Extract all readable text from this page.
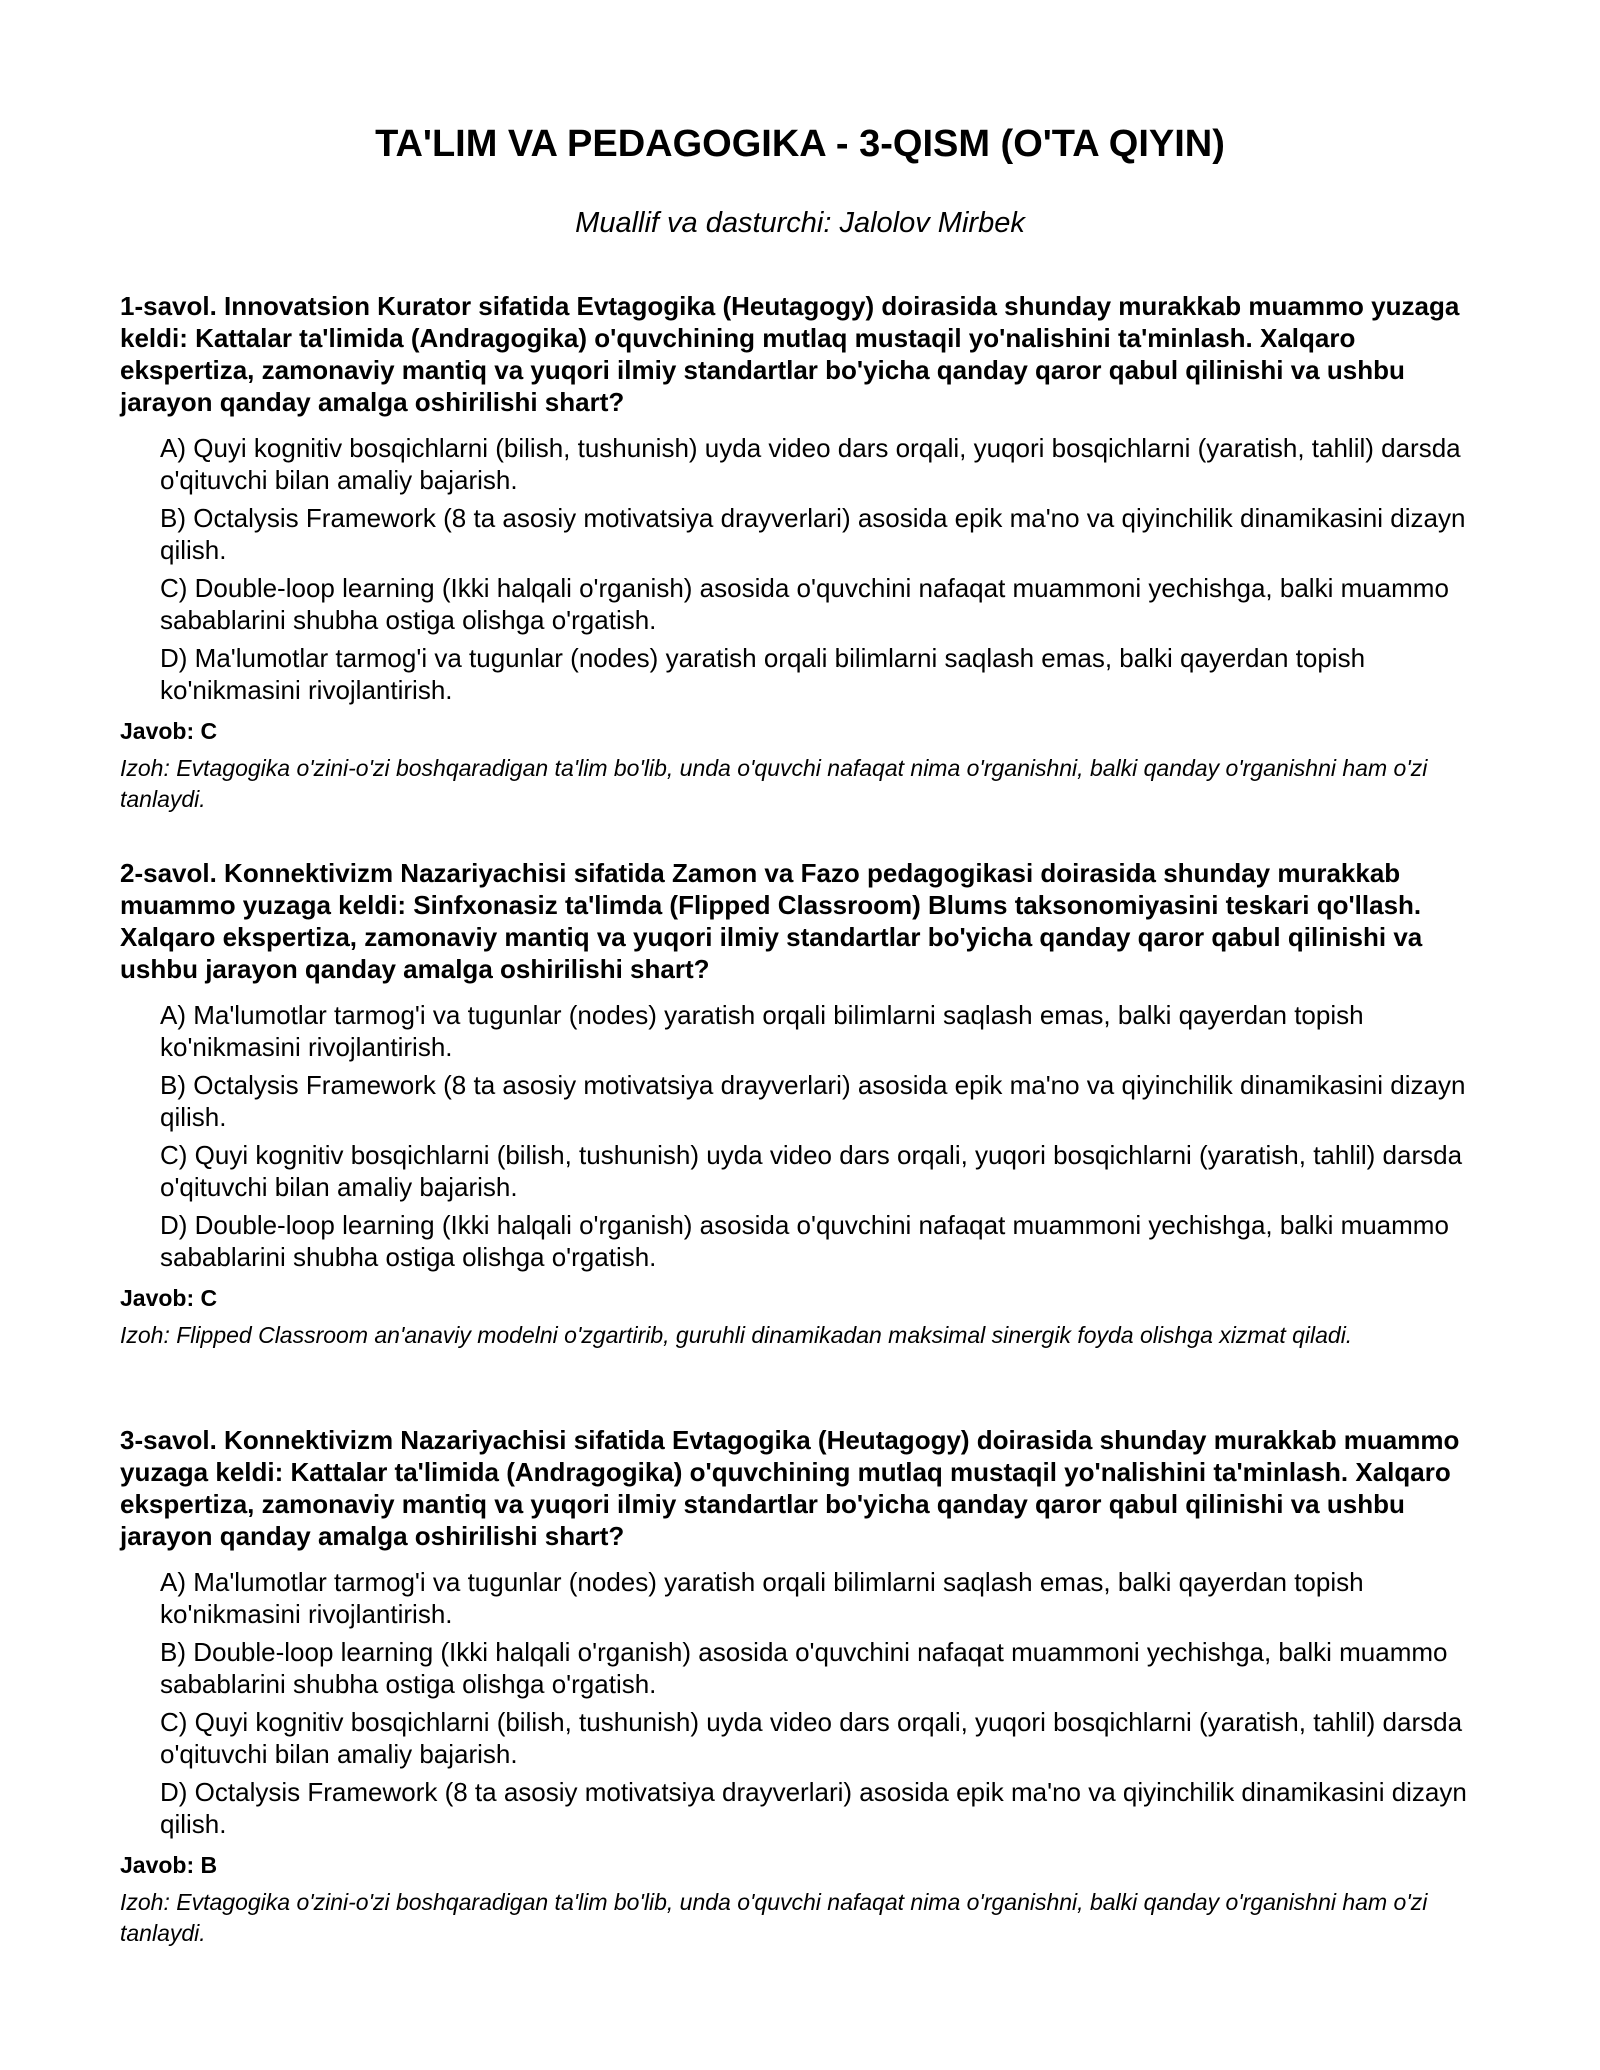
TA'LIM VA PEDAGOGIKA - 3-QISM (O'TA QIYIN)

Muallif va dasturchi: Jalolov Mirbek

1-savol. Innovatsion Kurator sifatida Evtagogika (Heutagogy) doirasida shunday murakkab muammo yuzaga keldi: Kattalar ta'limida (Andragogika) o'quvchining mutlaq mustaqil yo'nalishini ta'minlash. Xalqaro ekspertiza, zamonaviy mantiq va yuqori ilmiy standartlar bo'yicha qanday qaror qabul qilinishi va ushbu jarayon qanday amalga oshirilishi shart?

A) Quyi kognitiv bosqichlarni (bilish, tushunish) uyda video dars orqali, yuqori bosqichlarni (yaratish, tahlil) darsda o'qituvchi bilan amaliy bajarish.
B) Octalysis Framework (8 ta asosiy motivatsiya drayverlari) asosida epik ma'no va qiyinchilik dinamikasini dizayn qilish.
C) Double-loop learning (Ikki halqali o'rganish) asosida o'quvchini nafaqat muammoni yechishga, balki muammo sabablarini shubha ostiga olishga o'rgatish.
D) Ma'lumotlar tarmog'i va tugunlar (nodes) yaratish orqali bilimlarni saqlash emas, balki qayerdan topish ko'nikmasini rivojlantirish.

Javob: C

Izoh: Evtagogika o'zini-o'zi boshqaradigan ta'lim bo'lib, unda o'quvchi nafaqat nima o'rganishni, balki qanday o'rganishni ham o'zi tanlaydi.

2-savol. Konnektivizm Nazariyachisi sifatida Zamon va Fazo pedagogikasi doirasida shunday murakkab muammo yuzaga keldi: Sinfxonasiz ta'limda (Flipped Classroom) Blums taksonomiyasini teskari qo'llash. Xalqaro ekspertiza, zamonaviy mantiq va yuqori ilmiy standartlar bo'yicha qanday qaror qabul qilinishi va ushbu jarayon qanday amalga oshirilishi shart?

A) Ma'lumotlar tarmog'i va tugunlar (nodes) yaratish orqali bilimlarni saqlash emas, balki qayerdan topish ko'nikmasini rivojlantirish.
B) Octalysis Framework (8 ta asosiy motivatsiya drayverlari) asosida epik ma'no va qiyinchilik dinamikasini dizayn qilish.
C) Quyi kognitiv bosqichlarni (bilish, tushunish) uyda video dars orqali, yuqori bosqichlarni (yaratish, tahlil) darsda o'qituvchi bilan amaliy bajarish.
D) Double-loop learning (Ikki halqali o'rganish) asosida o'quvchini nafaqat muammoni yechishga, balki muammo sabablarini shubha ostiga olishga o'rgatish.

Javob: C

Izoh: Flipped Classroom an'anaviy modelni o'zgartirib, guruhli dinamikadan maksimal sinergik foyda olishga xizmat qiladi.

3-savol. Konnektivizm Nazariyachisi sifatida Evtagogika (Heutagogy) doirasida shunday murakkab muammo yuzaga keldi: Kattalar ta'limida (Andragogika) o'quvchining mutlaq mustaqil yo'nalishini ta'minlash. Xalqaro ekspertiza, zamonaviy mantiq va yuqori ilmiy standartlar bo'yicha qanday qaror qabul qilinishi va ushbu jarayon qanday amalga oshirilishi shart?

A) Ma'lumotlar tarmog'i va tugunlar (nodes) yaratish orqali bilimlarni saqlash emas, balki qayerdan topish ko'nikmasini rivojlantirish.
B) Double-loop learning (Ikki halqali o'rganish) asosida o'quvchini nafaqat muammoni yechishga, balki muammo sabablarini shubha ostiga olishga o'rgatish.
C) Quyi kognitiv bosqichlarni (bilish, tushunish) uyda video dars orqali, yuqori bosqichlarni (yaratish, tahlil) darsda o'qituvchi bilan amaliy bajarish.
D) Octalysis Framework (8 ta asosiy motivatsiya drayverlari) asosida epik ma'no va qiyinchilik dinamikasini dizayn qilish.

Javob: B

Izoh: Evtagogika o'zini-o'zi boshqaradigan ta'lim bo'lib, unda o'quvchi nafaqat nima o'rganishni, balki qanday o'rganishni ham o'zi tanlaydi.
